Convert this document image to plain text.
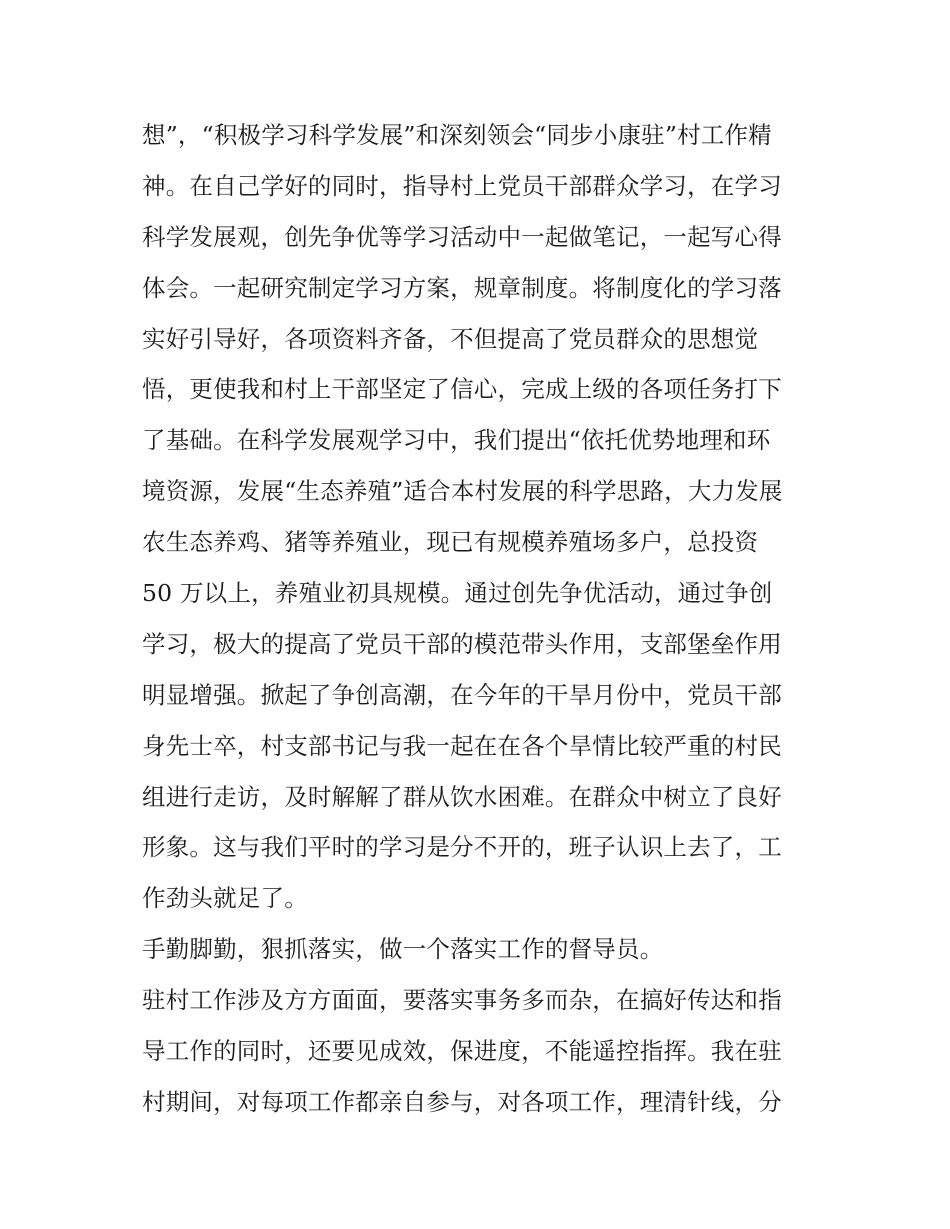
想”，“积极学习科学发展”和深刻领会“同步小康驻”村工作精
神。在自己学好的同时，指导村上党员干部群众学习，在学习
科学发展观，创先争优等学习活动中一起做笔记，一起写心得
体会。一起研究制定学习方案，规章制度。将制度化的学习落
实好引导好，各项资料齐备，不但提高了党员群众的思想觉
悟，更使我和村上干部坚定了信心，完成上级的各项任务打下
了基础。在科学发展观学习中，我们提出“依托优势地理和环
境资源，发展“生态养殖”适合本村发展的科学思路，大力发展
农生态养鸡、猪等养殖业，现已有规模养殖场多户，总投资
50 万以上，养殖业初具规模。通过创先争优活动，通过争创
学习，极大的提高了党员干部的模范带头作用，支部堡垒作用
明显增强。掀起了争创高潮，在今年的干旱月份中，党员干部
身先士卒，村支部书记与我一起在在各个旱情比较严重的村民
组进行走访，及时解解了群从饮水困难。在群众中树立了良好
形象。这与我们平时的学习是分不开的，班子认识上去了，工
作劲头就足了。
手勤脚勤，狠抓落实，做一个落实工作的督导员。
驻村工作涉及方方面面，要落实事务多而杂，在搞好传达和指
导工作的同时，还要见成效，保进度，不能遥控指挥。我在驻
村期间，对每项工作都亲自参与，对各项工作，理清针线，分
